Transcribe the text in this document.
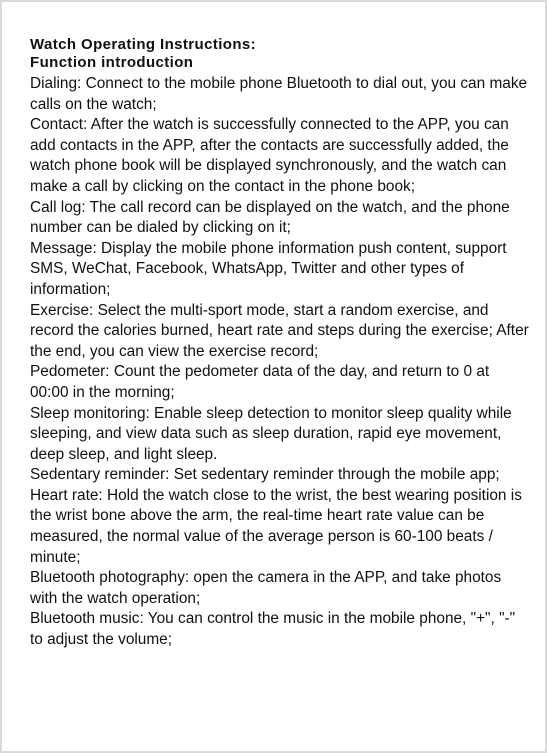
Watch Operating Instructions:
Function introduction

Dialing: Connect to the mobile phone Bluetooth to dial out, you can make calls on the watch;

Contact: After the watch is successfully connected to the APP, you can add contacts in the APP, after the contacts are successfully added, the watch phone book will be displayed synchronously, and the watch can make a call by clicking on the contact in the phone book;

Call log: The call record can be displayed on the watch, and the phone number can be dialed by clicking on it;

Message: Display the mobile phone information push content, support SMS, WeChat, Facebook, WhatsApp, Twitter and other types of information;

Exercise: Select the multi-sport mode, start a random exercise, and record the calories burned, heart rate and steps during the exercise; After the end, you can view the exercise record;

Pedometer: Count the pedometer data of the day, and return to 0 at 00:00 in the morning;

Sleep monitoring: Enable sleep detection to monitor sleep quality while sleeping, and view data such as sleep duration, rapid eye movement, deep sleep, and light sleep.

Sedentary reminder: Set sedentary reminder through the mobile app;

Heart rate: Hold the watch close to the wrist, the best wearing position is the wrist bone above the arm, the real-time heart rate value can be measured, the normal value of the average person is 60-100 beats / minute;

Bluetooth photography: open the camera in the APP, and take photos with the watch operation;

Bluetooth music: You can control the music in the mobile phone, "+", "-" to adjust the volume;
